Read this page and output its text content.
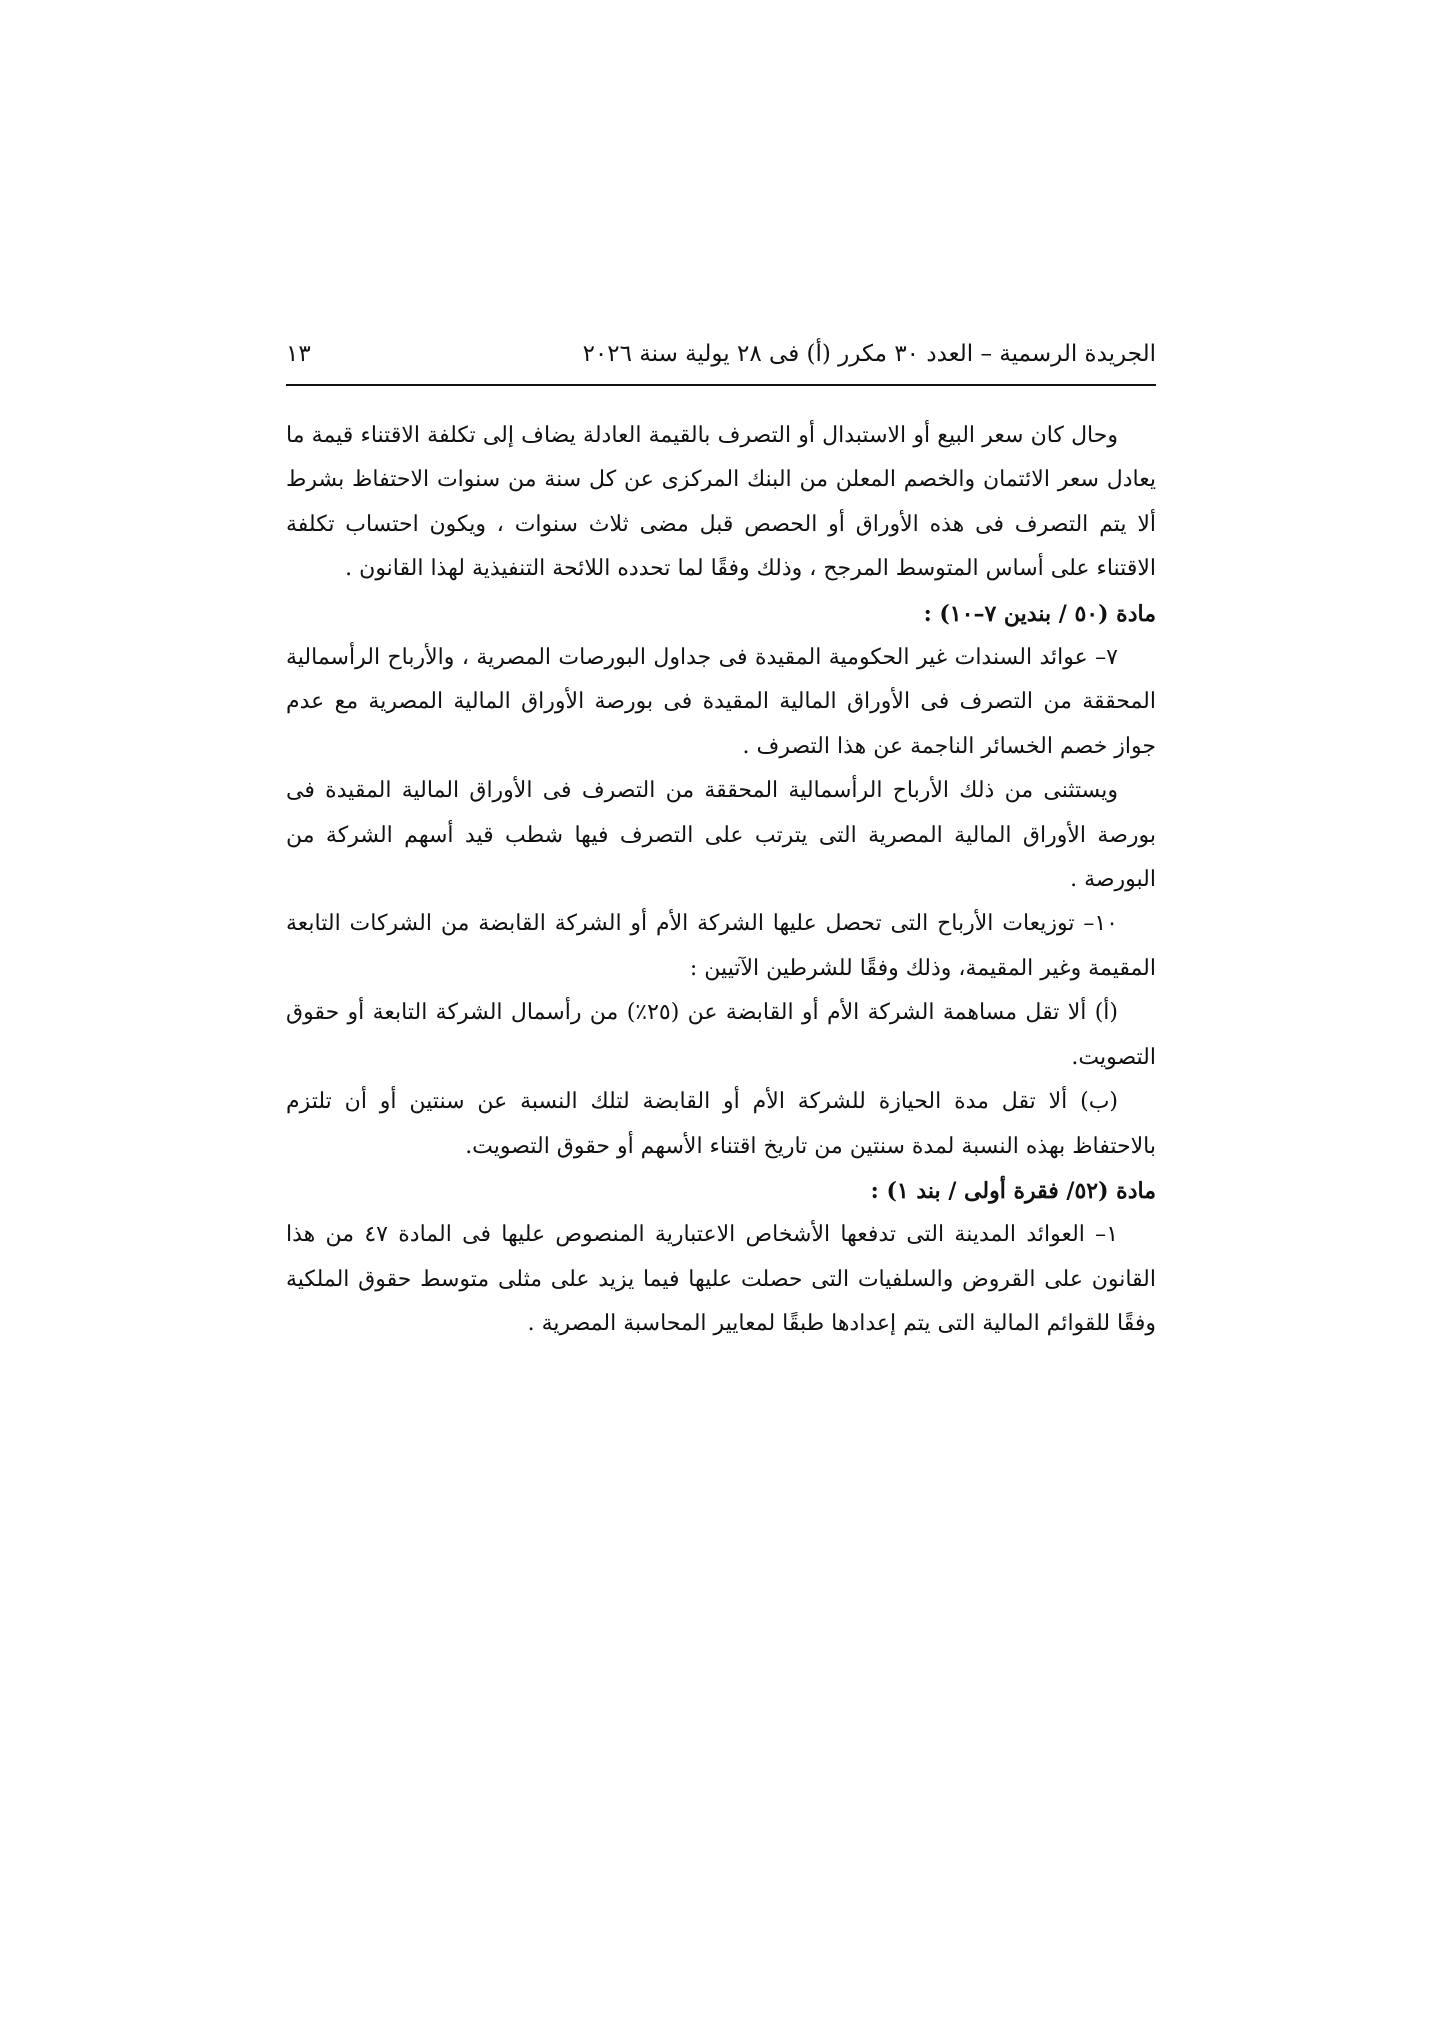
الجريدة الرسمية – العدد ٣٠ مكرر (أ) فى ٢٨ يولية سنة ٢٠٢٦
١٣

وحال كان سعر البيع أو الاستبدال أو التصرف بالقيمة العادلة يضاف إلى تكلفة الاقتناء قيمة ما يعادل سعر الائتمان والخصم المعلن من البنك المركزى عن كل سنة من سنوات الاحتفاظ بشرط ألا يتم التصرف فى هذه الأوراق أو الحصص قبل مضى ثلاث سنوات ، ويكون احتساب تكلفة الاقتناء على أساس المتوسط المرجح ، وذلك وفقًا لما تحدده اللائحة التنفيذية لهذا القانون .

مادة (٥٠ / بندين ٧–١٠) :

٧– عوائد السندات غير الحكومية المقيدة فى جداول البورصات المصرية ، والأرباح الرأسمالية المحققة من التصرف فى الأوراق المالية المقيدة فى بورصة الأوراق المالية المصرية مع عدم جواز خصم الخسائر الناجمة عن هذا التصرف .

ويستثنى من ذلك الأرباح الرأسمالية المحققة من التصرف فى الأوراق المالية المقيدة فى بورصة الأوراق المالية المصرية التى يترتب على التصرف فيها شطب قيد أسهم الشركة من البورصة .

١٠– توزيعات الأرباح التى تحصل عليها الشركة الأم أو الشركة القابضة من الشركات التابعة المقيمة وغير المقيمة، وذلك وفقًا للشرطين الآتيين :

(أ) ألا تقل مساهمة الشركة الأم أو القابضة عن (٢٥٪) من رأسمال الشركة التابعة أو حقوق التصويت.

(ب) ألا تقل مدة الحيازة للشركة الأم أو القابضة لتلك النسبة عن سنتين أو أن تلتزم بالاحتفاظ بهذه النسبة لمدة سنتين من تاريخ اقتناء الأسهم أو حقوق التصويت.

مادة (٥٢/ فقرة أولى / بند ١) :

١– العوائد المدينة التى تدفعها الأشخاص الاعتبارية المنصوص عليها فى المادة ٤٧ من هذا القانون على القروض والسلفيات التى حصلت عليها فيما يزيد على مثلى متوسط حقوق الملكية وفقًا للقوائم المالية التى يتم إعدادها طبقًا لمعايير المحاسبة المصرية .
